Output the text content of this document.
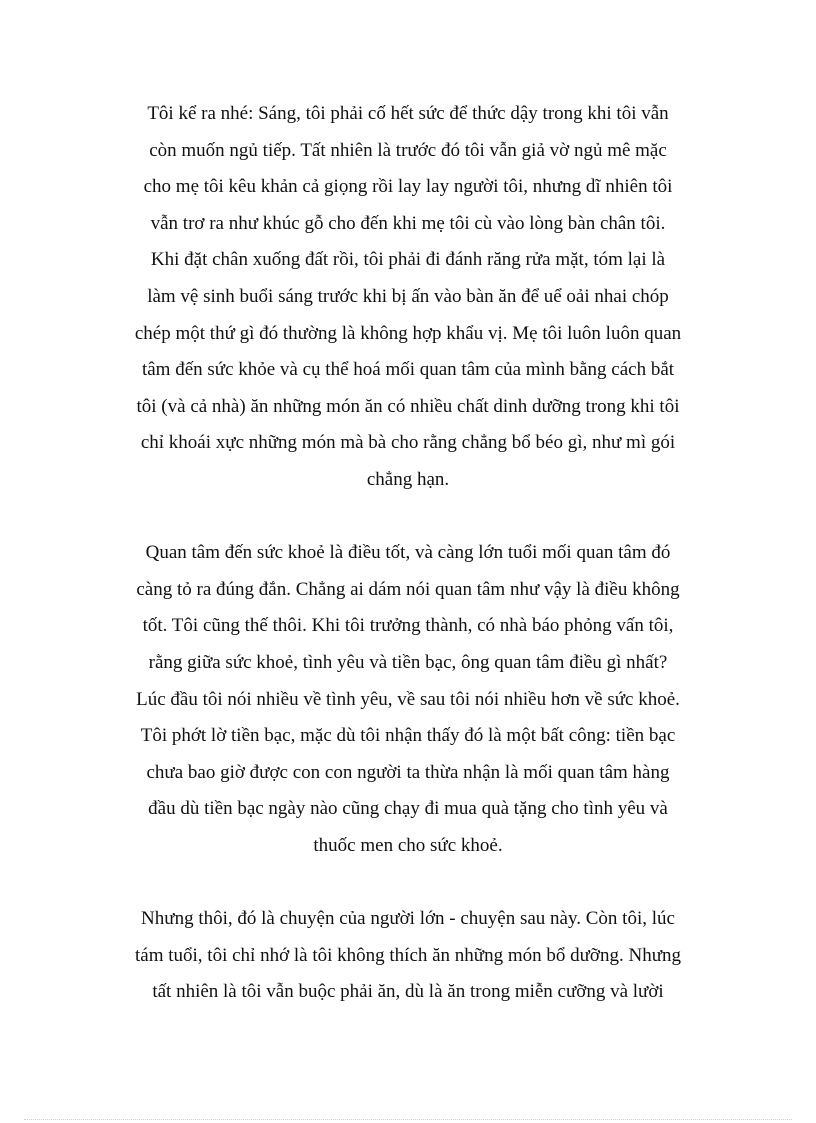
Tôi kể ra nhé: Sáng, tôi phải cố hết sức để thức dậy trong khi tôi vẫn
còn muốn ngủ tiếp. Tất nhiên là trước đó tôi vẫn giả vờ ngủ mê mặc
cho mẹ tôi kêu khản cả giọng rồi lay lay người tôi, nhưng dĩ nhiên tôi
vẫn trơ ra như khúc gỗ cho đến khi mẹ tôi cù vào lòng bàn chân tôi.
Khi đặt chân xuống đất rồi, tôi phải đi đánh răng rửa mặt, tóm lại là
làm vệ sinh buổi sáng trước khi bị ấn vào bàn ăn để uể oải nhai chóp
chép một thứ gì đó thường là không hợp khẩu vị. Mẹ tôi luôn luôn quan
tâm đến sức khỏe và cụ thể hoá mối quan tâm của mình bằng cách bắt
tôi (và cả nhà) ăn những món ăn có nhiều chất dinh dưỡng trong khi tôi
chỉ khoái xực những món mà bà cho rằng chẳng bổ béo gì, như mì gói
chẳng hạn.

Quan tâm đến sức khoẻ là điều tốt, và càng lớn tuổi mối quan tâm đó
càng tỏ ra đúng đắn. Chẳng ai dám nói quan tâm như vậy là điều không
tốt. Tôi cũng thế thôi. Khi tôi trưởng thành, có nhà báo phỏng vấn tôi,
rằng giữa sức khoẻ, tình yêu và tiền bạc, ông quan tâm điều gì nhất?
Lúc đầu tôi nói nhiều về tình yêu, về sau tôi nói nhiều hơn về sức khoẻ.
Tôi phớt lờ tiền bạc, mặc dù tôi nhận thấy đó là một bất công: tiền bạc
chưa bao giờ được con con người ta thừa nhận là mối quan tâm hàng
đầu dù tiền bạc ngày nào cũng chạy đi mua quà tặng cho tình yêu và
thuốc men cho sức khoẻ.

Nhưng thôi, đó là chuyện của người lớn - chuyện sau này. Còn tôi, lúc
tám tuổi, tôi chỉ nhớ là tôi không thích ăn những món bổ dưỡng. Nhưng
tất nhiên là tôi vẫn buộc phải ăn, dù là ăn trong miễn cưỡng và lười
